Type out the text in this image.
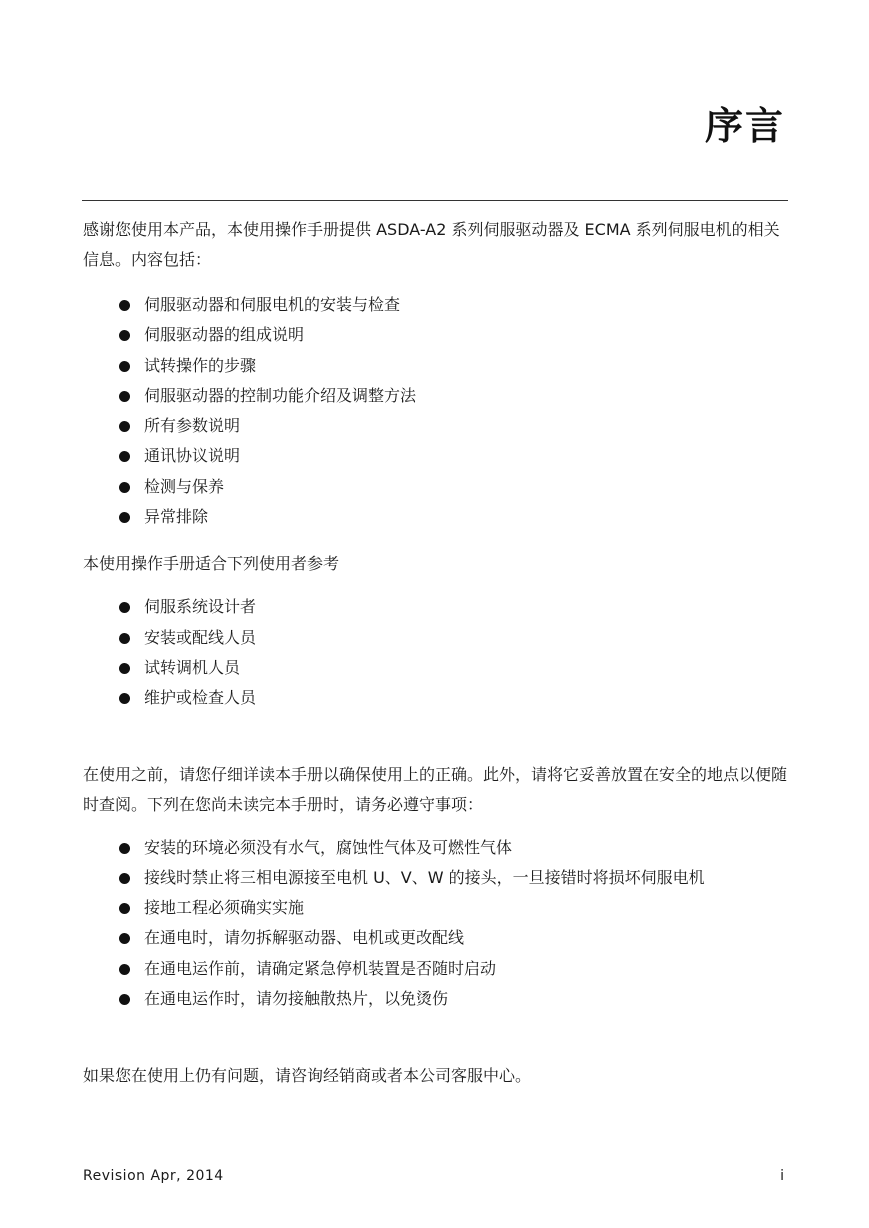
序言

感谢您使用本产品，本使用操作手册提供 ASDA-A2 系列伺服驱动器及 ECMA 系列伺服电机的相关信息。内容包括：

伺服驱动器和伺服电机的安装与检查
伺服驱动器的组成说明
试转操作的步骤
伺服驱动器的控制功能介绍及调整方法
所有参数说明
通讯协议说明
检测与保养
异常排除

本使用操作手册适合下列使用者参考

伺服系统设计者
安装或配线人员
试转调机人员
维护或检查人员

在使用之前，请您仔细详读本手册以确保使用上的正确。此外，请将它妥善放置在安全的地点以便随时查阅。下列在您尚未读完本手册时，请务必遵守事项：

安装的环境必须没有水气，腐蚀性气体及可燃性气体
接线时禁止将三相电源接至电机 U、V、W 的接头，一旦接错时将损坏伺服电机
接地工程必须确实实施
在通电时，请勿拆解驱动器、电机或更改配线
在通电运作前，请确定紧急停机装置是否随时启动
在通电运作时，请勿接触散热片，以免烫伤

如果您在使用上仍有问题，请咨询经销商或者本公司客服中心。

Revision Apr, 2014	i
